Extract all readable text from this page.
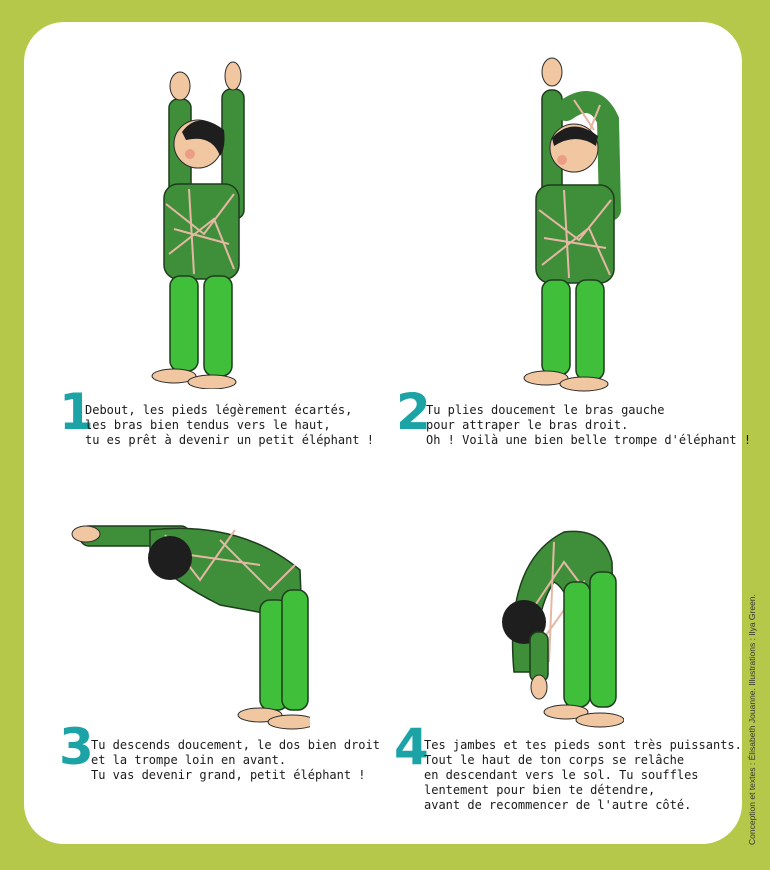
1
Debout, les pieds légèrement écartés,
les bras bien tendus vers le haut,
tu es prêt à devenir un petit éléphant ! 2
Tu plies doucement le bras gauche
pour attraper le bras droit.
Oh ! Voilà une bien belle trompe d'éléphant !
3
Tu descends doucement, le dos bien droit
et la trompe loin en avant.
Tu vas devenir grand, petit éléphant ! 4
Tes jambes et tes pieds sont très puissants.
Tout le haut de ton corps se relâche
en descendant vers le sol. Tu souffles
lentement pour bien te détendre,
avant de recommencer de l'autre côté.	Conception et textes : Élisabeth Jouanne. Illustrations : Ilya Green.
